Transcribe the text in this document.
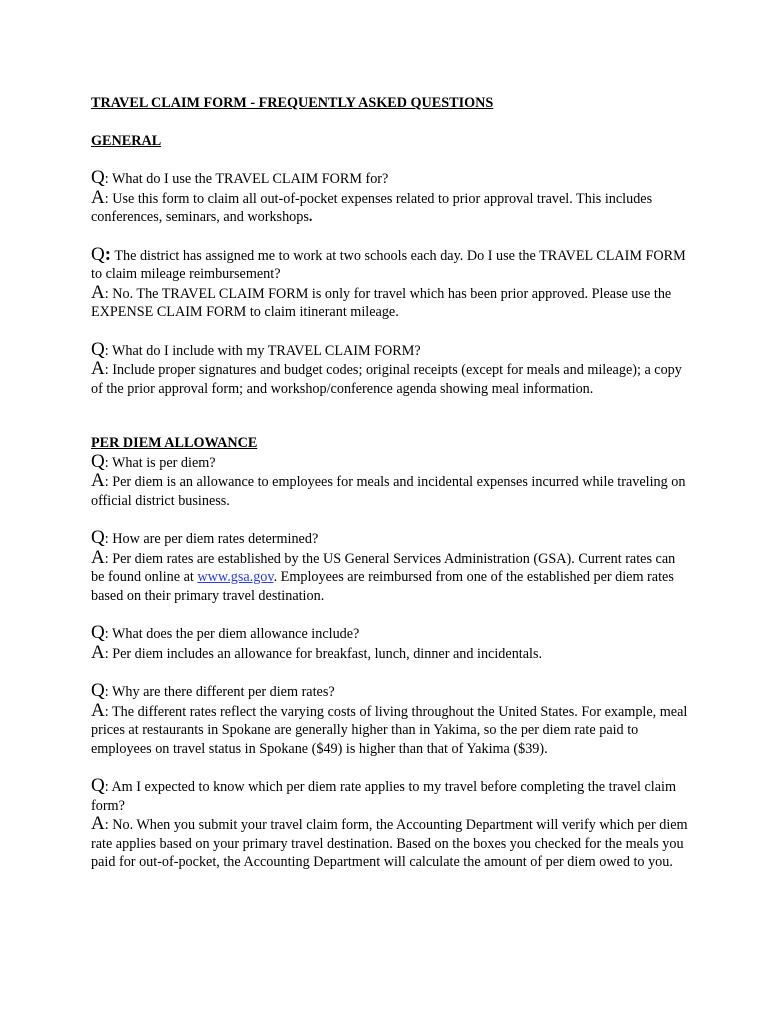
TRAVEL CLAIM FORM - FREQUENTLY ASKED QUESTIONS

GENERAL

Q: What do I use the TRAVEL CLAIM FORM for?

A: Use this form to claim all out-of-pocket expenses related to prior approval travel. This includes conferences, seminars, and workshops.

Q: The district has assigned me to work at two schools each day. Do I use the TRAVEL CLAIM FORM to claim mileage reimbursement?

A: No. The TRAVEL CLAIM FORM is only for travel which has been prior approved. Please use the EXPENSE CLAIM FORM to claim itinerant mileage.

Q: What do I include with my TRAVEL CLAIM FORM?

A: Include proper signatures and budget codes; original receipts (except for meals and mileage); a copy of the prior approval form; and workshop/conference agenda showing meal information.

PER DIEM ALLOWANCE

Q: What is per diem?

A: Per diem is an allowance to employees for meals and incidental expenses incurred while traveling on official district business.

Q: How are per diem rates determined?

A: Per diem rates are established by the US General Services Administration (GSA). Current rates can be found online at www.gsa.gov. Employees are reimbursed from one of the established per diem rates based on their primary travel destination.

Q: What does the per diem allowance include?

A: Per diem includes an allowance for breakfast, lunch, dinner and incidentals.

Q: Why are there different per diem rates?

A: The different rates reflect the varying costs of living throughout the United States. For example, meal prices at restaurants in Spokane are generally higher than in Yakima, so the per diem rate paid to employees on travel status in Spokane ($49) is higher than that of Yakima ($39).

Q: Am I expected to know which per diem rate applies to my travel before completing the travel claim form?

A: No. When you submit your travel claim form, the Accounting Department will verify which per diem rate applies based on your primary travel destination. Based on the boxes you checked for the meals you paid for out-of-pocket, the Accounting Department will calculate the amount of per diem owed to you.
